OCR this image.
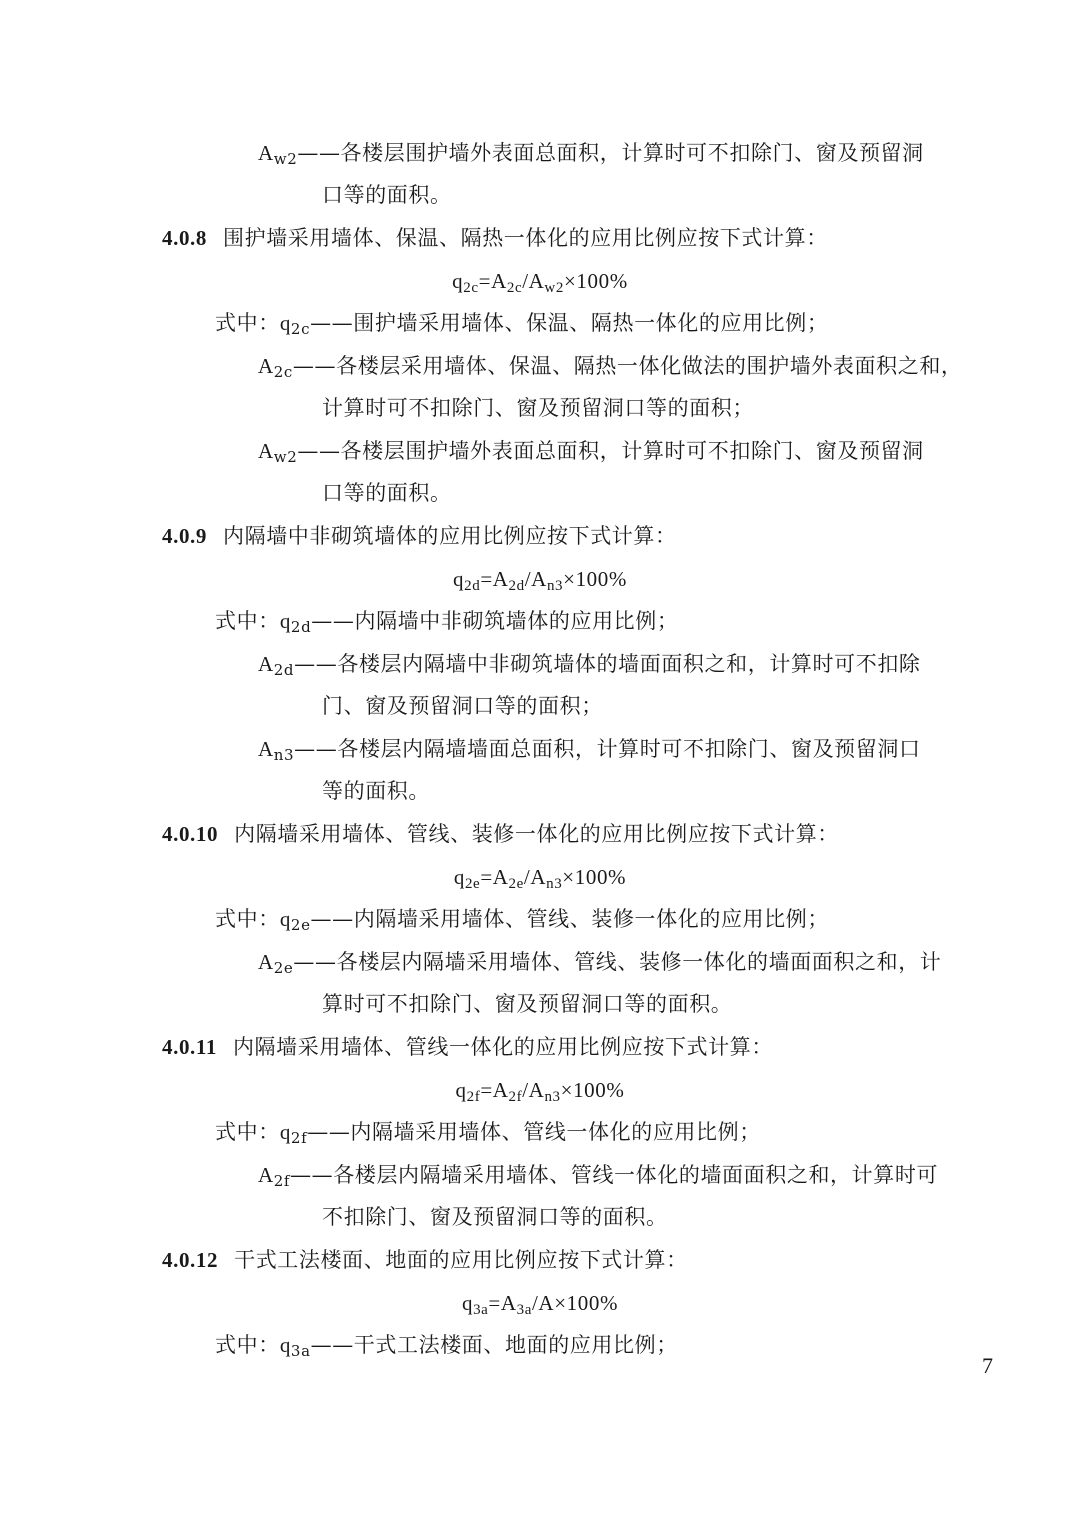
$A_{w2}——$各楼层围护墙外表面总面积，计算时可不扣除门、窗及预留洞
口等的面积。
4.0.8 围护墙采用墙体、保温、隔热一体化的应用比例应按下式计算：
$q_{2c}=A_{2c}/A_{w2}\times 100\%$
式中：$q_{2c}——$围护墙采用墙体、保温、隔热一体化的应用比例；
$A_{2c}——$各楼层采用墙体、保温、隔热一体化做法的围护墙外表面积之和，
计算时可不扣除门、窗及预留洞口等的面积；
$A_{w2}——$各楼层围护墙外表面总面积，计算时可不扣除门、窗及预留洞
口等的面积。
4.0.9 内隔墙中非砌筑墙体的应用比例应按下式计算：
$q_{2d}=A_{2d}/A_{n3}\times 100\%$
式中：$q_{2d}——$内隔墙中非砌筑墙体的应用比例；
$A_{2d}——$各楼层内隔墙中非砌筑墙体的墙面面积之和，计算时可不扣除
门、窗及预留洞口等的面积；
$A_{n3}——$各楼层内隔墙墙面总面积，计算时可不扣除门、窗及预留洞口
等的面积。
4.0.10 内隔墙采用墙体、管线、装修一体化的应用比例应按下式计算：
$q_{2e}=A_{2e}/A_{n3}\times 100\%$
式中：$q_{2e}——$内隔墙采用墙体、管线、装修一体化的应用比例；
$A_{2e}——$各楼层内隔墙采用墙体、管线、装修一体化的墙面面积之和，计
算时可不扣除门、窗及预留洞口等的面积。
4.0.11 内隔墙采用墙体、管线一体化的应用比例应按下式计算：
$q_{2f}=A_{2f}/A_{n3}\times 100\%$
式中：$q_{2f}——$内隔墙采用墙体、管线一体化的应用比例；
$A_{2f}——$各楼层内隔墙采用墙体、管线一体化的墙面面积之和，计算时可
不扣除门、窗及预留洞口等的面积。
4.0.12 干式工法楼面、地面的应用比例应按下式计算：
$q_{3a}=A_{3a}/A\times 100\%$
式中：$q_{3a}——$干式工法楼面、地面的应用比例；
7
